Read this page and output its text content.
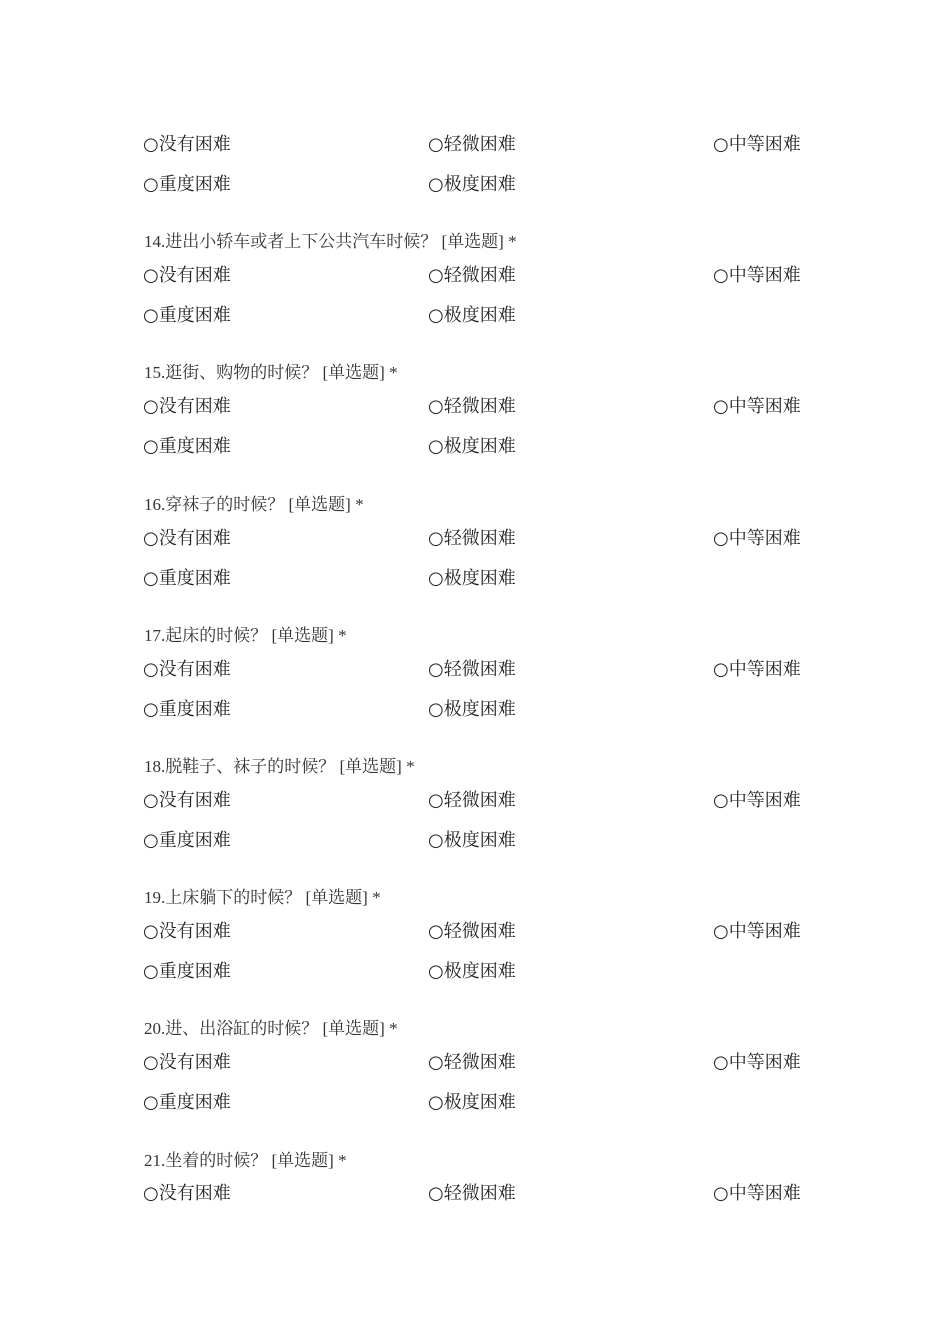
○没有困难	○轻微困难	○中等困难
○重度困难	○极度困难
14.进出小轿车或者上下公共汽车时候？ [单选题] *
○没有困难	○轻微困难	○中等困难
○重度困难	○极度困难
15.逛街、购物的时候？ [单选题] *
○没有困难	○轻微困难	○中等困难
○重度困难	○极度困难
16.穿袜子的时候？ [单选题] *
○没有困难	○轻微困难	○中等困难
○重度困难	○极度困难
17.起床的时候？ [单选题] *
○没有困难	○轻微困难	○中等困难
○重度困难	○极度困难
18.脱鞋子、袜子的时候？ [单选题] *
○没有困难	○轻微困难	○中等困难
○重度困难	○极度困难
19.上床躺下的时候？ [单选题] *
○没有困难	○轻微困难	○中等困难
○重度困难	○极度困难
20.进、出浴缸的时候？ [单选题] *
○没有困难	○轻微困难	○中等困难
○重度困难	○极度困难
21.坐着的时候？ [单选题] *
○没有困难	○轻微困难	○中等困难
